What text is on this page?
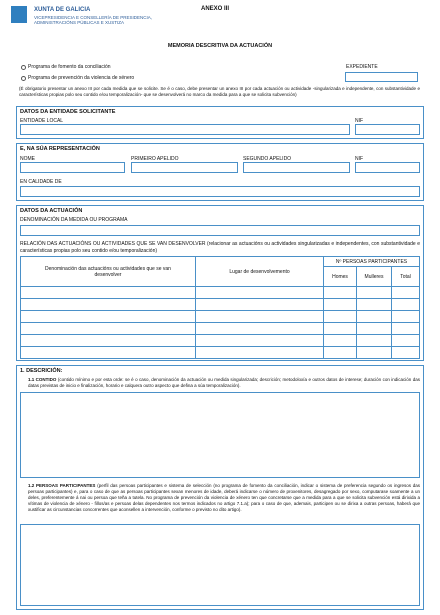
XUNTA DE GALICIA
VICEPRESIDENCIA E CONSELLERÍA DE PRESIDENCIA,
ADMINISTRACIÓNS PÚBLICAS E XUSTIZA
ANEXO III
MEMORIA DESCRITIVA DA ACTUACIÓN
Programa de fomento da conciliación
Programa de prevención da violencia de xénero
EXPEDIENTE
(É obrigatorio presentar un anexo III por cada medida que se solicite. Se é o caso, debe presentar un anexo III por cada actuación ou actividade -singularizada e independente, con substantividade e características propias polo seu contido e/ou temporalización- que se desenvolverá no marco da medida para a que se solicita subvención)
DATOS DA ENTIDADE SOLICITANTE
ENTIDADE LOCAL	NIF
E, NA SÚA REPRESENTACIÓN
NOME	PRIMEIRO APELIDO	SEGUNDO APELIDO	NIF
EN CALIDADE DE
DATOS DA ACTUACIÓN
DENOMINACIÓN DA MEDIDA OU PROGRAMA
RELACIÓN DAS ACTUACIÓNS OU ACTIVIDADES QUE SE VAN DESENVOLVER (relacionar as actuacións ou actividades singularizadas e independentes, con substantividade e características propias polo seu contido e/ou temporalización)
Denominación das actuacións ou actividades que se van desenvolver	Lugar de desenvolvemento	Nº PERSOAS PARTICIPANTES		

		Homes	Mulleres	Total

1. DESCRICIÓN:
1.1 CONTIDO (contido mínimo e por esta orde: se é o caso, denominación da actuación ou medida singularizada; descrición; metodoloxía e outros datos de interese; duración con indicación das datas previstas de inicio e finalización, horario e calquera outro aspecto que defina a súa temporalización).
1.2 PERSOAS PARTICIPANTES (perfil das persoas participantes e sistema de selección (no programa de fomento da conciliación, indicar o sistema de preferencia segundo os ingresos das persoas participantes) e, para o caso de que as persoas participantes sexan menores de idade, deberá indicarse o número de proxenitores, desagregado por sexo, computarase soamente a un deles, preferentemente á nai ou persoa que teña a tutela. No programa de prevención da violencia de xénero ten que concretarse que a medida para a que se solicita subvención está dirixida a vítimas de violencia de xénero - fillos/as e persoas delas dependentes nos termos indicados no artigo 7.1.a); para o caso de que, ademais, participen ou se dirixa a outras persoas, haberá que xustificar as circunstancias concorrentes que aconsellen a intervención, conforme o previsto no dito artigo).
